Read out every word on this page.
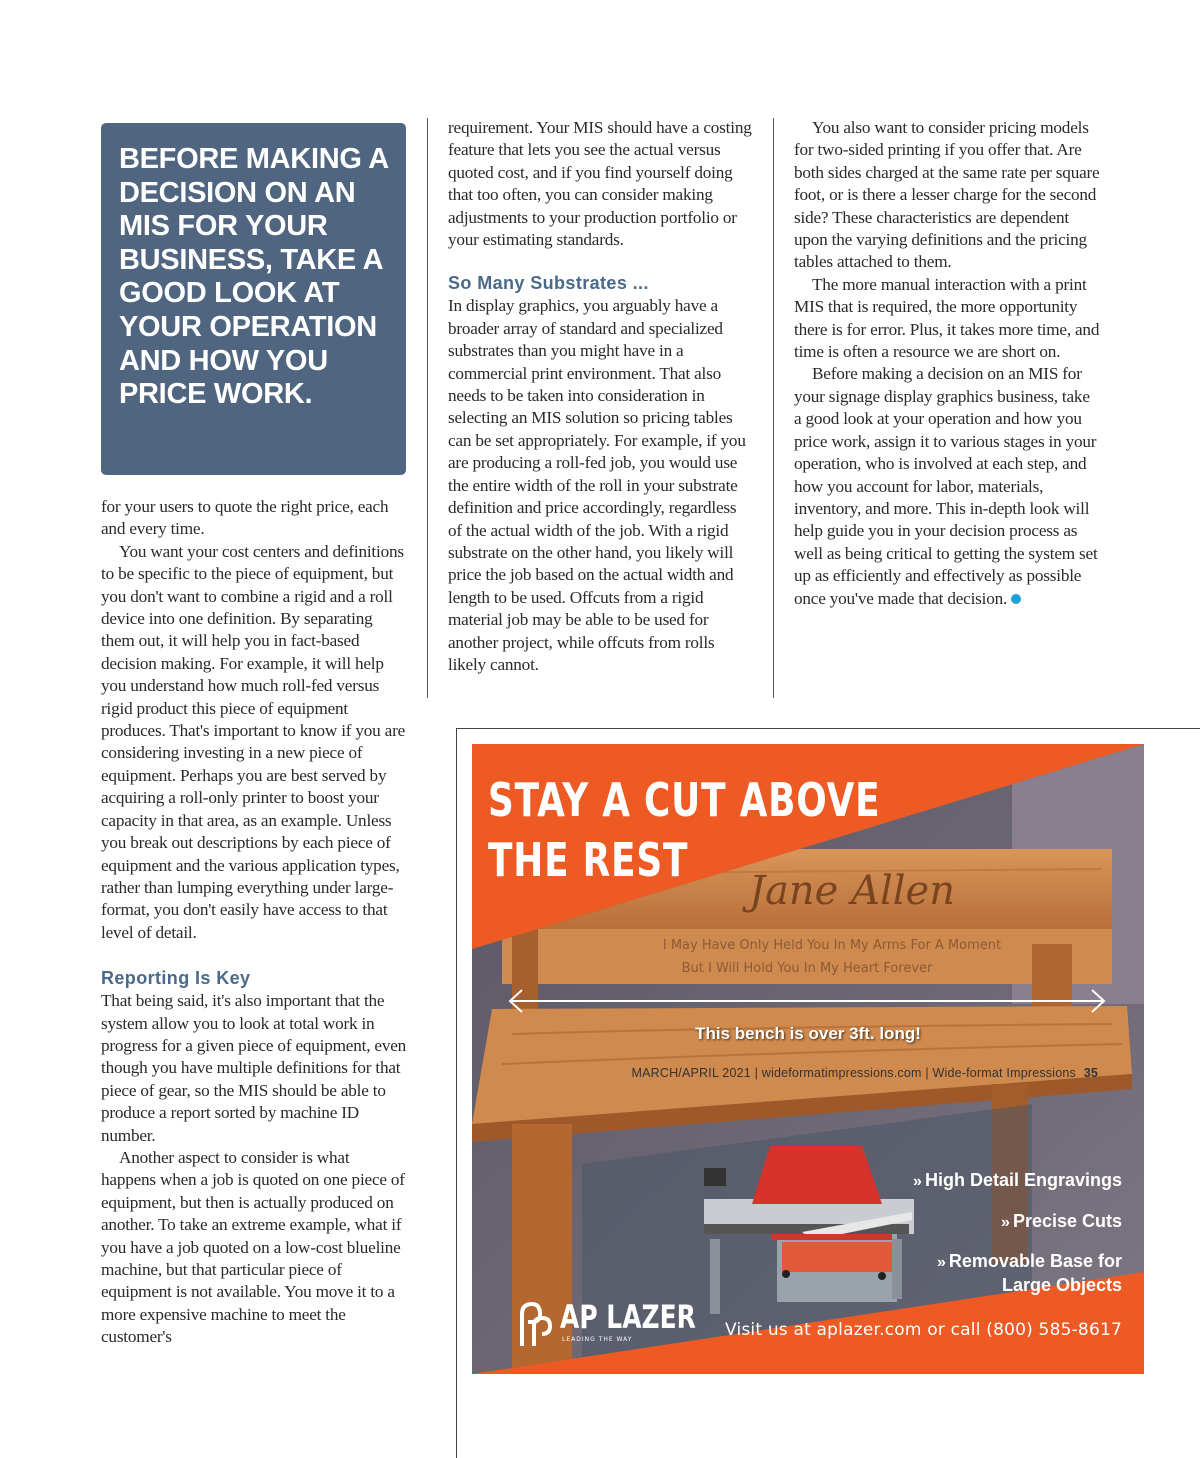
BEFORE MAKING A DECISION ON AN MIS FOR YOUR BUSINESS, TAKE A GOOD LOOK AT YOUR OPERATION AND HOW YOU PRICE WORK.

for your users to quote the right price, each and every time.

You want your cost centers and definitions to be specific to the piece of equipment, but you don't want to combine a rigid and a roll device into one definition. By separating them out, it will help you in fact-based decision making. For example, it will help you understand how much roll-fed versus rigid product this piece of equipment produces. That's important to know if you are considering investing in a new piece of equipment. Perhaps you are best served by acquiring a roll-only printer to boost your capacity in that area, as an example. Unless you break out descriptions by each piece of equipment and the various application types, rather than lumping everything under large-format, you don't easily have access to that level of detail.

Reporting Is Key

That being said, it's also important that the system allow you to look at total work in progress for a given piece of equipment, even though you have multiple definitions for that piece of gear, so the MIS should be able to produce a report sorted by machine ID number.

Another aspect to consider is what happens when a job is quoted on one piece of equipment, but then is actually produced on another. To take an extreme example, what if you have a job quoted on a low-cost blueline machine, but that particular piece of equipment is not available. You move it to a more expensive machine to meet the customer's

requirement. Your MIS should have a costing feature that lets you see the actual versus quoted cost, and if you find yourself doing that too often, you can consider making adjustments to your production portfolio or your estimating standards.

So Many Substrates ...

In display graphics, you arguably have a broader array of standard and specialized substrates than you might have in a commercial print environment. That also needs to be taken into consideration in selecting an MIS solution so pricing tables can be set appropriately. For example, if you are producing a roll-fed job, you would use the entire width of the roll in your substrate definition and price accordingly, regardless of the actual width of the job. With a rigid substrate on the other hand, you likely will price the job based on the actual width and length to be used. Offcuts from a rigid material job may be able to be used for another project, while offcuts from rolls likely cannot.

You also want to consider pricing models for two-sided printing if you offer that. Are both sides charged at the same rate per square foot, or is there a lesser charge for the second side? These characteristics are dependent upon the varying definitions and the pricing tables attached to them.

The more manual interaction with a print MIS that is required, the more opportunity there is for error. Plus, it takes more time, and time is often a resource we are short on.

Before making a decision on an MIS for your signage display graphics business, take a good look at your operation and how you price work, assign it to various stages in your operation, who is involved at each step, and how you account for labor, materials, inventory, and more. This in-depth look will help guide you in your decision process as well as being critical to getting the system set up as efficiently and effectively as possible once you've made that decision.

Jane Allen
I May Have Only Held You In My Arms For A Moment
But I Will Hold You In My Heart Forever
STAY A CUT ABOVE
THE REST
This bench is over 3ft. long!
» High Detail Engravings
» Precise Cuts
» Removable Base for
Large Objects

AP LAZER

LEADING THE WAY	Visit us at aplazer.com or call (800) 585-8617
MARCH/APRIL 2021 | wideformatimpressions.com | Wide-format Impressions 35
